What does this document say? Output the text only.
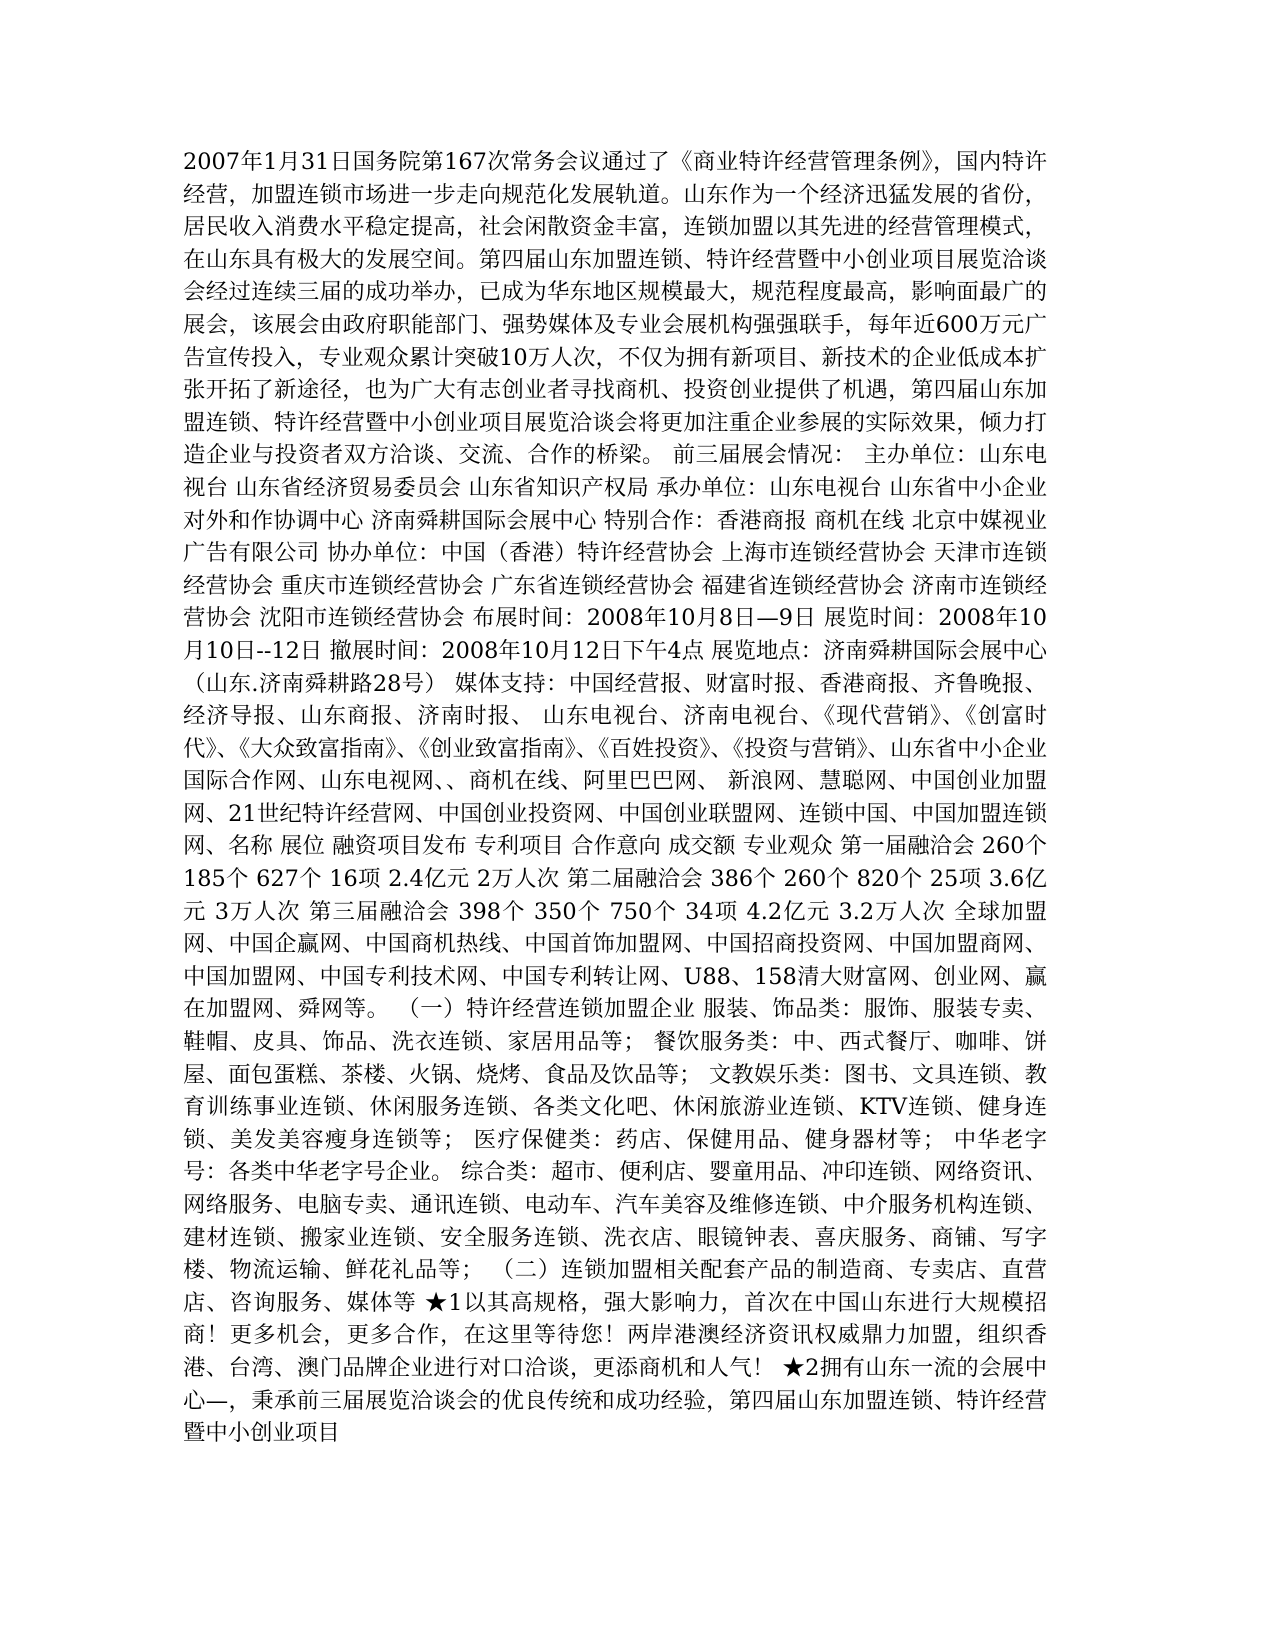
2007年1月31日国务院第167次常务会议通过了《商业特许经营管理条例》，国内特许经营，加盟连锁市场进一步走向规范化发展轨道。山东作为一个经济迅猛发展的省份，居民收入消费水平稳定提高，社会闲散资金丰富，连锁加盟以其先进的经营管理模式，在山东具有极大的发展空间。第四届山东加盟连锁、特许经营暨中小创业项目展览洽谈会经过连续三届的成功举办，已成为华东地区规模最大，规范程度最高，影响面最广的展会，该展会由政府职能部门、强势媒体及专业会展机构强强联手，每年近600万元广告宣传投入，专业观众累计突破10万人次，不仅为拥有新项目、新技术的企业低成本扩张开拓了新途径，也为广大有志创业者寻找商机、投资创业提供了机遇，第四届山东加盟连锁、特许经营暨中小创业项目展览洽谈会将更加注重企业参展的实际效果，倾力打造企业与投资者双方洽谈、交流、合作的桥梁。 前三届展会情况： 主办单位：山东电视台 山东省经济贸易委员会 山东省知识产权局 承办单位：山东电视台 山东省中小企业对外和作协调中心 济南舜耕国际会展中心 特别合作：香港商报 商机在线 北京中媒视业广告有限公司 协办单位：中国（香港）特许经营协会 上海市连锁经营协会 天津市连锁经营协会 重庆市连锁经营协会 广东省连锁经营协会 福建省连锁经营协会 济南市连锁经营协会 沈阳市连锁经营协会 布展时间：2008年10月8日—9日 展览时间：2008年10月10日--12日 撤展时间：2008年10月12日下午4点 展览地点：济南舜耕国际会展中心（山东.济南舜耕路28号） 媒体支持：中国经营报、财富时报、香港商报、齐鲁晚报、经济导报、山东商报、济南时报、 山东电视台、济南电视台、《现代营销》、《创富时代》、《大众致富指南》、《创业致富指南》、《百姓投资》、《投资与营销》、山东省中小企业国际合作网、山东电视网、、商机在线、阿里巴巴网、 新浪网、慧聪网、中国创业加盟网、21世纪特许经营网、中国创业投资网、中国创业联盟网、连锁中国、中国加盟连锁网、名称 展位 融资项目发布 专利项目 合作意向 成交额 专业观众 第一届融洽会 260个 185个 627个 16项 2.4亿元 2万人次 第二届融洽会 386个 260个 820个 25项 3.6亿元 3万人次 第三届融洽会 398个 350个 750个 34项 4.2亿元 3.2万人次 全球加盟网、中国企赢网、中国商机热线、中国首饰加盟网、中国招商投资网、中国加盟商网、中国加盟网、中国专利技术网、中国专利转让网、U88、158清大财富网、创业网、赢在加盟网、舜网等。 （一）特许经营连锁加盟企业 服装、饰品类：服饰、服装专卖、鞋帽、皮具、饰品、洗衣连锁、家居用品等； 餐饮服务类：中、西式餐厅、咖啡、饼屋、面包蛋糕、茶楼、火锅、烧烤、食品及饮品等； 文教娱乐类：图书、文具连锁、教育训练事业连锁、休闲服务连锁、各类文化吧、休闲旅游业连锁、KTV连锁、健身连锁、美发美容瘦身连锁等； 医疗保健类：药店、保健用品、健身器材等； 中华老字号：各类中华老字号企业。 综合类：超市、便利店、婴童用品、冲印连锁、网络资讯、网络服务、电脑专卖、通讯连锁、电动车、汽车美容及维修连锁、中介服务机构连锁、建材连锁、搬家业连锁、安全服务连锁、洗衣店、眼镜钟表、喜庆服务、商铺、写字楼、物流运输、鲜花礼品等； （二）连锁加盟相关配套产品的制造商、专卖店、直营店、咨询服务、媒体等 ★1以其高规格，强大影响力，首次在中国山东进行大规模招商！更多机会，更多合作，在这里等待您！两岸港澳经济资讯权威鼎力加盟，组织香港、台湾、澳门品牌企业进行对口洽谈，更添商机和人气！ ★2拥有山东一流的会展中心—，秉承前三届展览洽谈会的优良传统和成功经验，第四届山东加盟连锁、特许经营暨中小创业项目
